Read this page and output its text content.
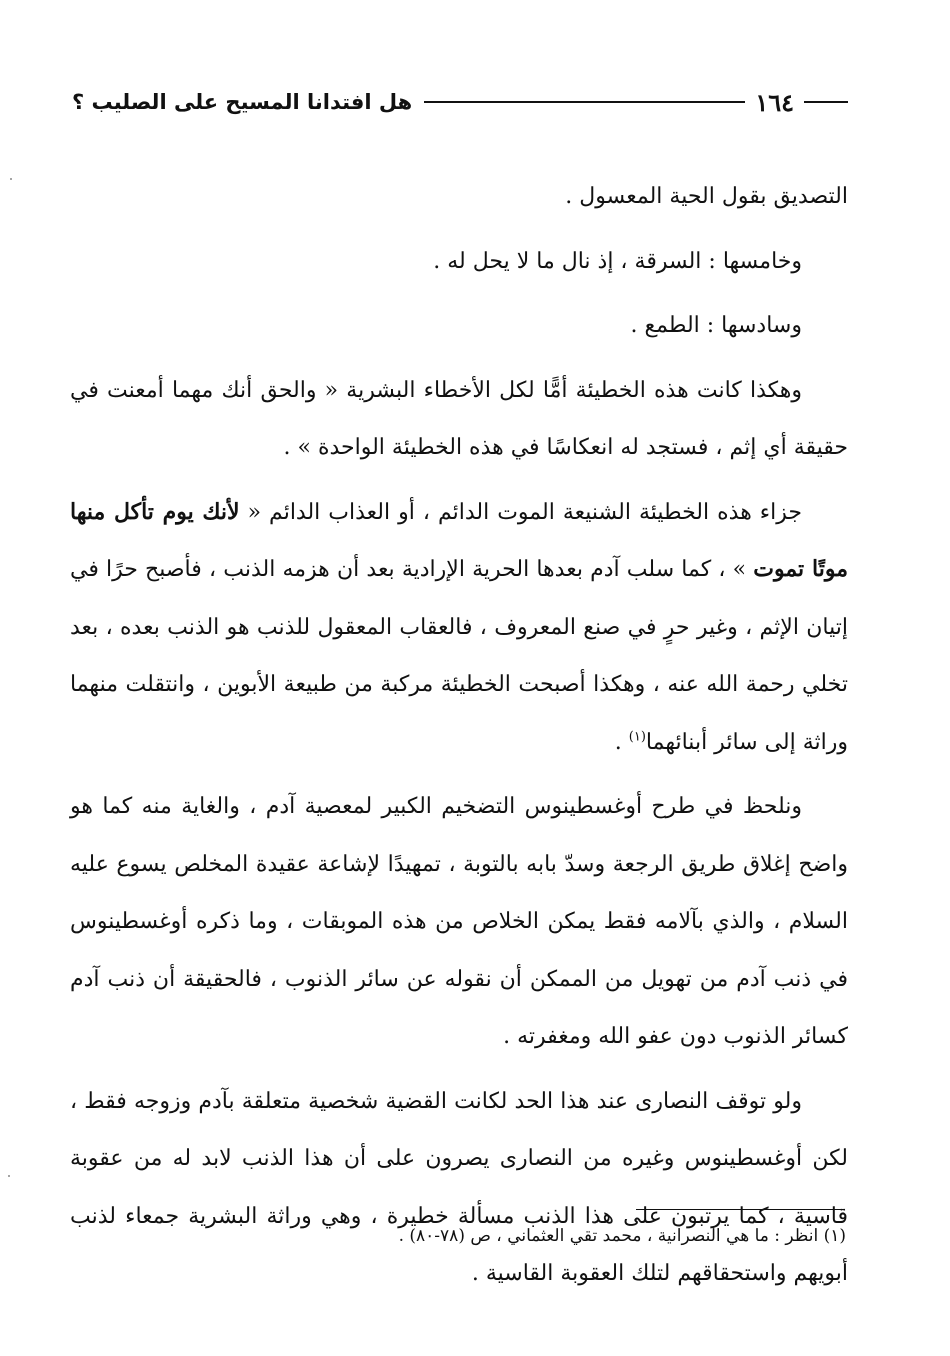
١٦٤
هل افتدانا المسيح على الصليب ؟

التصديق بقول الحية المعسول .

وخامسها : السرقة ، إذ نال ما لا يحل له .

وسادسها : الطمع .

وهكذا كانت هذه الخطيئة أمًّا لكل الأخطاء البشرية « والحق أنك مهما أمعنت في حقيقة أي إثم ، فستجد له انعكاسًا في هذه الخطيئة الواحدة » .

جزاء هذه الخطيئة الشنيعة الموت الدائم ، أو العذاب الدائم « لأنك يوم تأكل منها موتًا تموت » ، كما سلب آدم بعدها الحرية الإرادية بعد أن هزمه الذنب ، فأصبح حرًا في إتيان الإثم ، وغير حرٍ في صنع المعروف ، فالعقاب المعقول للذنب هو الذنب بعده ، بعد تخلي رحمة الله عنه ، وهكذا أصبحت الخطيئة مركبة من طبيعة الأبوين ، وانتقلت منهما وراثة إلى سائر أبنائهما$^{(١)}$ .

ونلحظ في طرح أوغسطينوس التضخيم الكبير لمعصية آدم ، والغاية منه كما هو واضح إغلاق طريق الرجعة وسدّ بابه بالتوبة ، تمهيدًا لإشاعة عقيدة المخلص يسوع عليه السلام ، والذي بآلامه فقط يمكن الخلاص من هذه الموبقات ، وما ذكره أوغسطينوس في ذنب آدم من تهويل من الممكن أن نقوله عن سائر الذنوب ، فالحقيقة أن ذنب آدم كسائر الذنوب دون عفو الله ومغفرته .

ولو توقف النصارى عند هذا الحد لكانت القضية شخصية متعلقة بآدم وزوجه فقط ، لكن أوغسطينوس وغيره من النصارى يصرون على أن هذا الذنب لابد له من عقوبة قاسية ، كما يرتبون على هذا الذنب مسألة خطيرة ، وهي وراثة البشرية جمعاء لذنب أبويهم واستحقاقهم لتلك العقوبة القاسية .

(١) انظر : ما هي النصرانية ، محمد تقي العثماني ، ص (٧٨-٨٠) .
